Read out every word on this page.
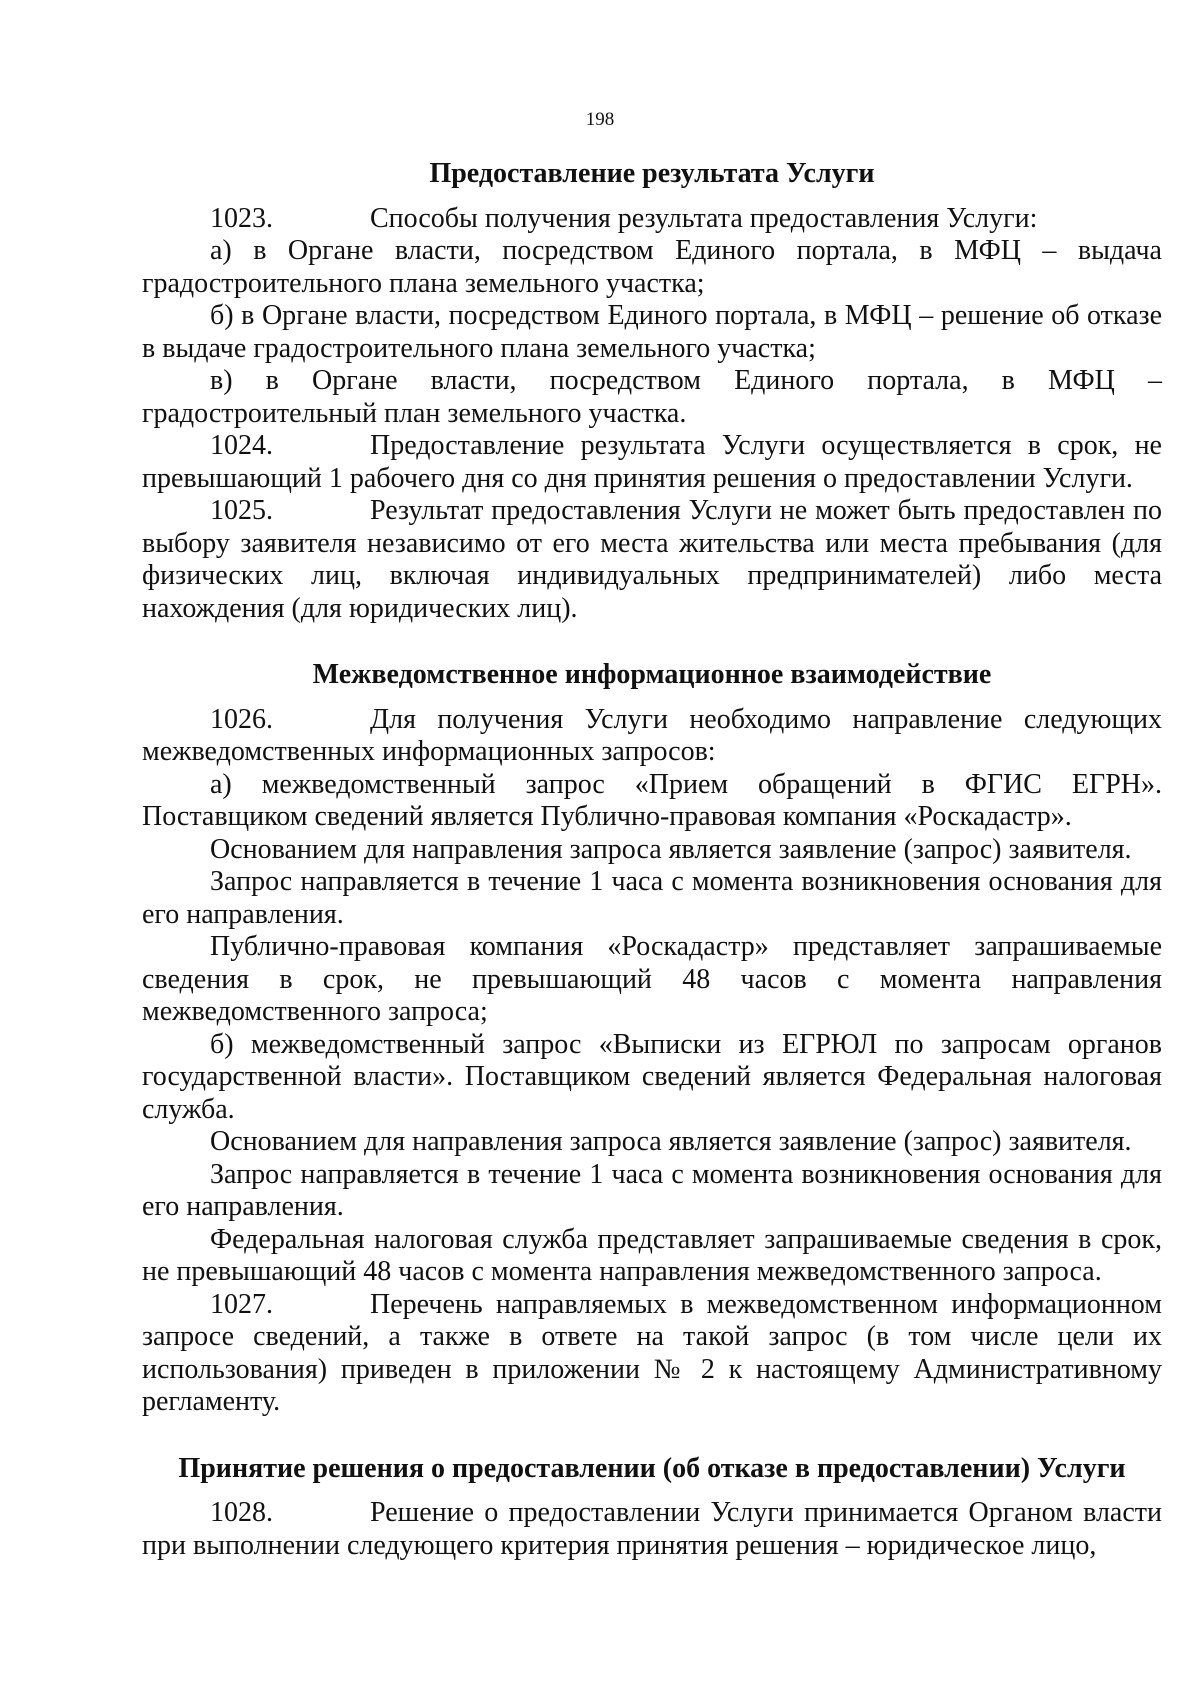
198
Предоставление результата Услуги

1023.	Способы получения результата предоставления Услуги:

а) в Органе власти, посредством Единого портала, в МФЦ – выдача градостроительного плана земельного участка;

б) в Органе власти, посредством Единого портала, в МФЦ – решение об отказе в выдаче градостроительного плана земельного участка;

в) в Органе власти, посредством Единого портала, в МФЦ – градостроительный план земельного участка.

1024.	Предоставление результата Услуги осуществляется в срок, не превышающий 1 рабочего дня со дня принятия решения о предоставлении Услуги.

1025.	Результат предоставления Услуги не может быть предоставлен по выбору заявителя независимо от его места жительства или места пребывания (для физических лиц, включая индивидуальных предпринимателей) либо места нахождения (для юридических лиц).

Межведомственное информационное взаимодействие

1026.	Для получения Услуги необходимо направление следующих межведомственных информационных запросов:

а) межведомственный запрос «Прием обращений в ФГИС ЕГРН». Поставщиком сведений является Публично-правовая компания «Роскадастр».

Основанием для направления запроса является заявление (запрос) заявителя.

Запрос направляется в течение 1 часа с момента возникновения основания для его направления.

Публично-правовая компания «Роскадастр» представляет запрашиваемые сведения в срок, не превышающий 48 часов с момента направления межведомственного запроса;

б) межведомственный запрос «Выписки из ЕГРЮЛ по запросам органов государственной власти». Поставщиком сведений является Федеральная налоговая служба.

Основанием для направления запроса является заявление (запрос) заявителя.

Запрос направляется в течение 1 часа с момента возникновения основания для его направления.

Федеральная налоговая служба представляет запрашиваемые сведения в срок, не превышающий 48 часов с момента направления межведомственного запроса.

1027.	Перечень направляемых в межведомственном информационном запросе сведений, а также в ответе на такой запрос (в том числе цели их использования) приведен в приложении № 2 к настоящему Административному регламенту.

Принятие решения о предоставлении (об отказе в предоставлении) Услуги

1028.	Решение о предоставлении Услуги принимается Органом власти при выполнении следующего критерия принятия решения – юридическое лицо,
